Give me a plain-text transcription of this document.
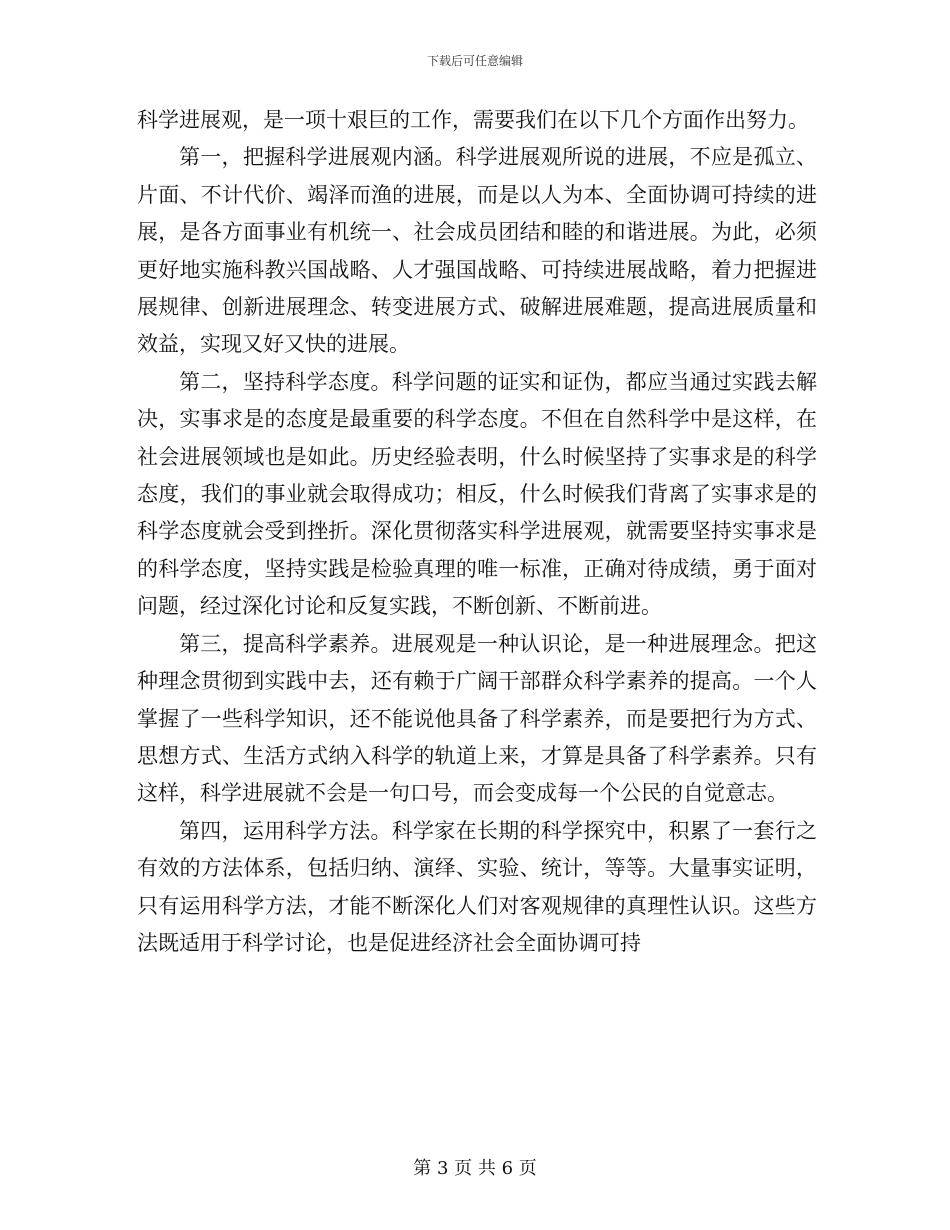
下载后可任意编辑

科学进展观，是一项十艰巨的工作，需要我们在以下几个方面作出努力。

第一，把握科学进展观内涵。科学进展观所说的进展，不应是孤立、片面、不计代价、竭泽而渔的进展，而是以人为本、全面协调可持续的进展，是各方面事业有机统一、社会成员团结和睦的和谐进展。为此，必须更好地实施科教兴国战略、人才强国战略、可持续进展战略，着力把握进展规律、创新进展理念、转变进展方式、破解进展难题，提高进展质量和效益，实现又好又快的进展。

第二，坚持科学态度。科学问题的证实和证伪，都应当通过实践去解决，实事求是的态度是最重要的科学态度。不但在自然科学中是这样，在社会进展领域也是如此。历史经验表明，什么时候坚持了实事求是的科学态度，我们的事业就会取得成功；相反，什么时候我们背离了实事求是的科学态度就会受到挫折。深化贯彻落实科学进展观，就需要坚持实事求是的科学态度，坚持实践是检验真理的唯一标准，正确对待成绩，勇于面对问题，经过深化讨论和反复实践，不断创新、不断前进。

第三，提高科学素养。进展观是一种认识论，是一种进展理念。把这种理念贯彻到实践中去，还有赖于广阔干部群众科学素养的提高。一个人掌握了一些科学知识，还不能说他具备了科学素养，而是要把行为方式、思想方式、生活方式纳入科学的轨道上来，才算是具备了科学素养。只有这样，科学进展就不会是一句口号，而会变成每一个公民的自觉意志。

第四，运用科学方法。科学家在长期的科学探究中，积累了一套行之有效的方法体系，包括归纳、演绎、实验、统计，等等。大量事实证明，只有运用科学方法，才能不断深化人们对客观规律的真理性认识。这些方法既适用于科学讨论，也是促进经济社会全面协调可持

第 3 页 共 6 页
